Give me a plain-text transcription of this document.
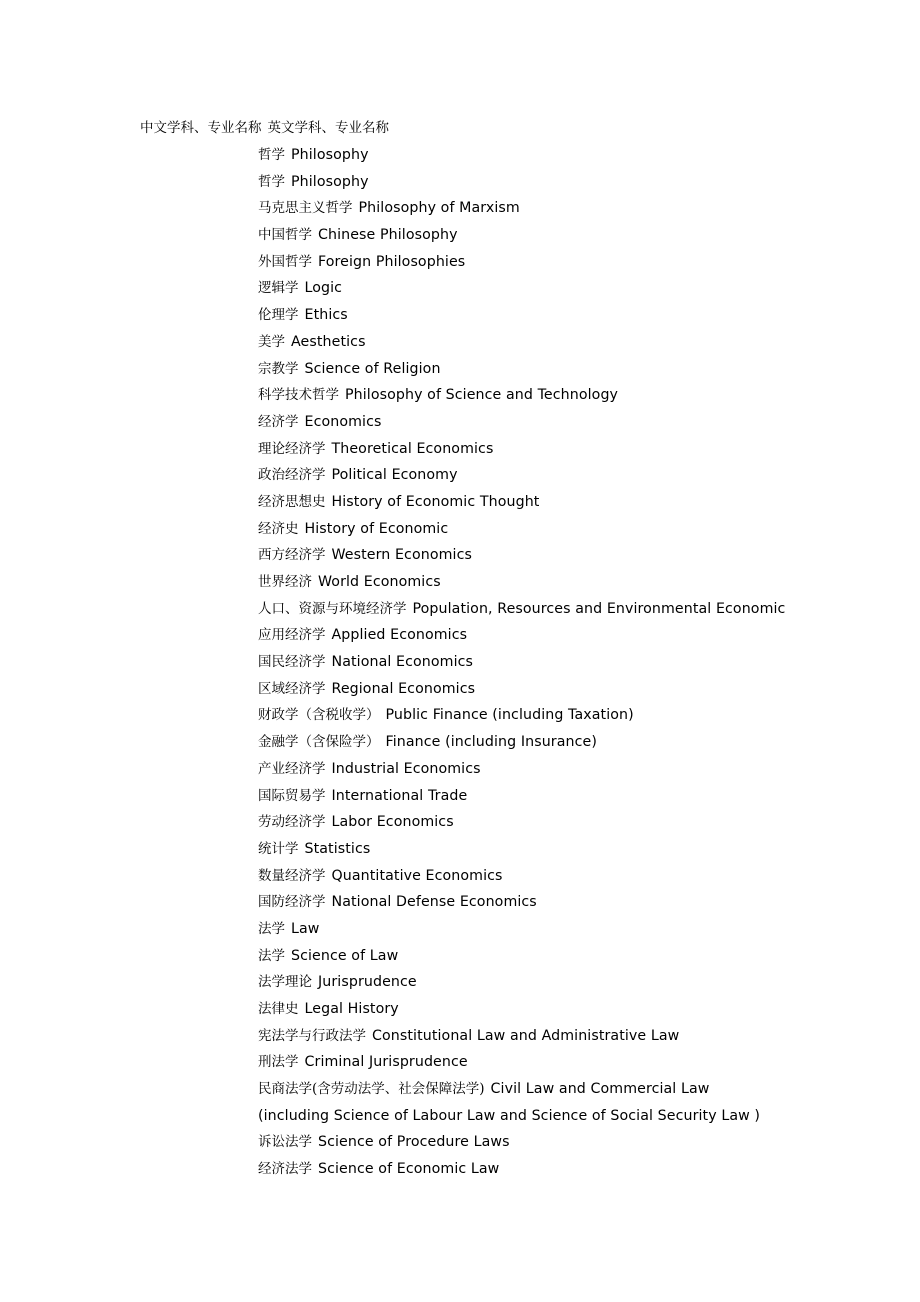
中文学科、专业名称 英文学科、专业名称
哲学 Philosophy
哲学 Philosophy
马克思主义哲学 Philosophy of Marxism
中国哲学 Chinese Philosophy
外国哲学 Foreign Philosophies
逻辑学 Logic
伦理学 Ethics
美学 Aesthetics
宗教学 Science of Religion
科学技术哲学 Philosophy of Science and Technology
经济学 Economics
理论经济学 Theoretical Economics
政治经济学 Political Economy
经济思想史 History of Economic Thought
经济史 History of Economic
西方经济学 Western Economics
世界经济 World Economics
人口、资源与环境经济学 Population, Resources and Environmental Economic
应用经济学 Applied Economics
国民经济学 National Economics
区域经济学 Regional Economics
财政学（含税收学） Public Finance (including Taxation)
金融学（含保险学） Finance (including Insurance)
产业经济学 Industrial Economics
国际贸易学 International Trade
劳动经济学 Labor Economics
统计学 Statistics
数量经济学 Quantitative Economics
国防经济学 National Defense Economics
法学 Law
法学 Science of Law
法学理论 Jurisprudence
法律史 Legal History
宪法学与行政法学 Constitutional Law and Administrative Law
刑法学 Criminal Jurisprudence
民商法学(含劳动法学、社会保障法学) Civil Law and Commercial Law
(including Science of Labour Law and Science of Social Security Law )
诉讼法学 Science of Procedure Laws
经济法学 Science of Economic Law
